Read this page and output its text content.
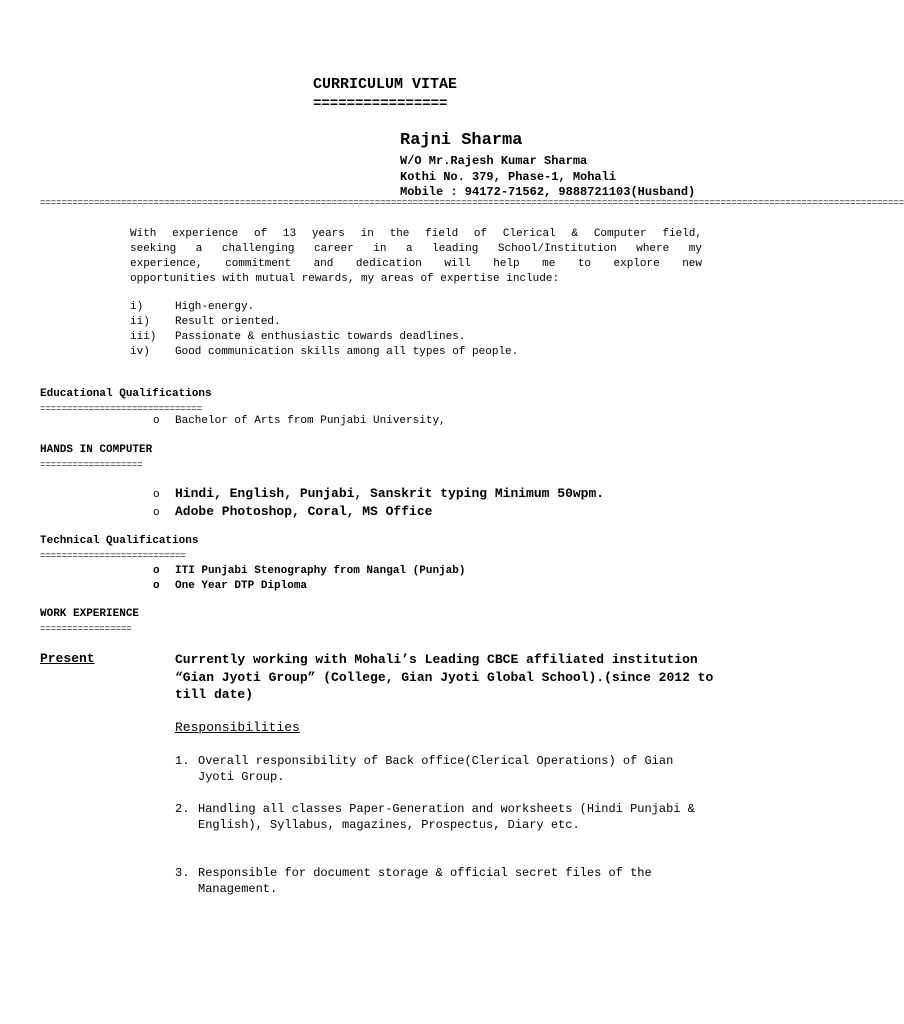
CURRICULUM VITAE
================
Rajni Sharma
W/O Mr.Rajesh Kumar Sharma
Kothi No. 379, Phase-1, Mohali
Mobile : 94172-71562, 9888721103(Husband)
================================================================================================================================================================
With experience of 13 years in the field of Clerical & Computer field,
seeking a challenging career in a leading School/Institution where my
experience, commitment and dedication will help me to explore new
opportunities with mutual rewards, my areas of expertise include:
i)	High-energy.
ii) Result oriented.
iii) Passionate & enthusiastic towards deadlines.
iv) Good communication skills among all types of people.
Educational Qualifications
==============================
o Bachelor of Arts from Punjabi University,
HANDS IN COMPUTER
===================
o Hindi, English, Punjabi, Sanskrit typing Minimum 50wpm.
o Adobe Photoshop, Coral, MS Office
Technical Qualifications
===========================
o ITI Punjabi Stenography from Nangal (Punjab)
o One Year DTP Diploma
WORK EXPERIENCE
=================
Present	Currently working with Mohali’s Leading CBCE affiliated institution “Gian Jyoti Group” (College, Gian Jyoti Global School).(since 2012 to till date)
Responsibilities
1. Overall responsibility of Back office(Clerical Operations) of Gian Jyoti Group.
2. Handling all classes Paper-Generation and worksheets (Hindi Punjabi & English), Syllabus, magazines, Prospectus, Diary etc.
3. Responsible for document storage & official secret files of the Management.
